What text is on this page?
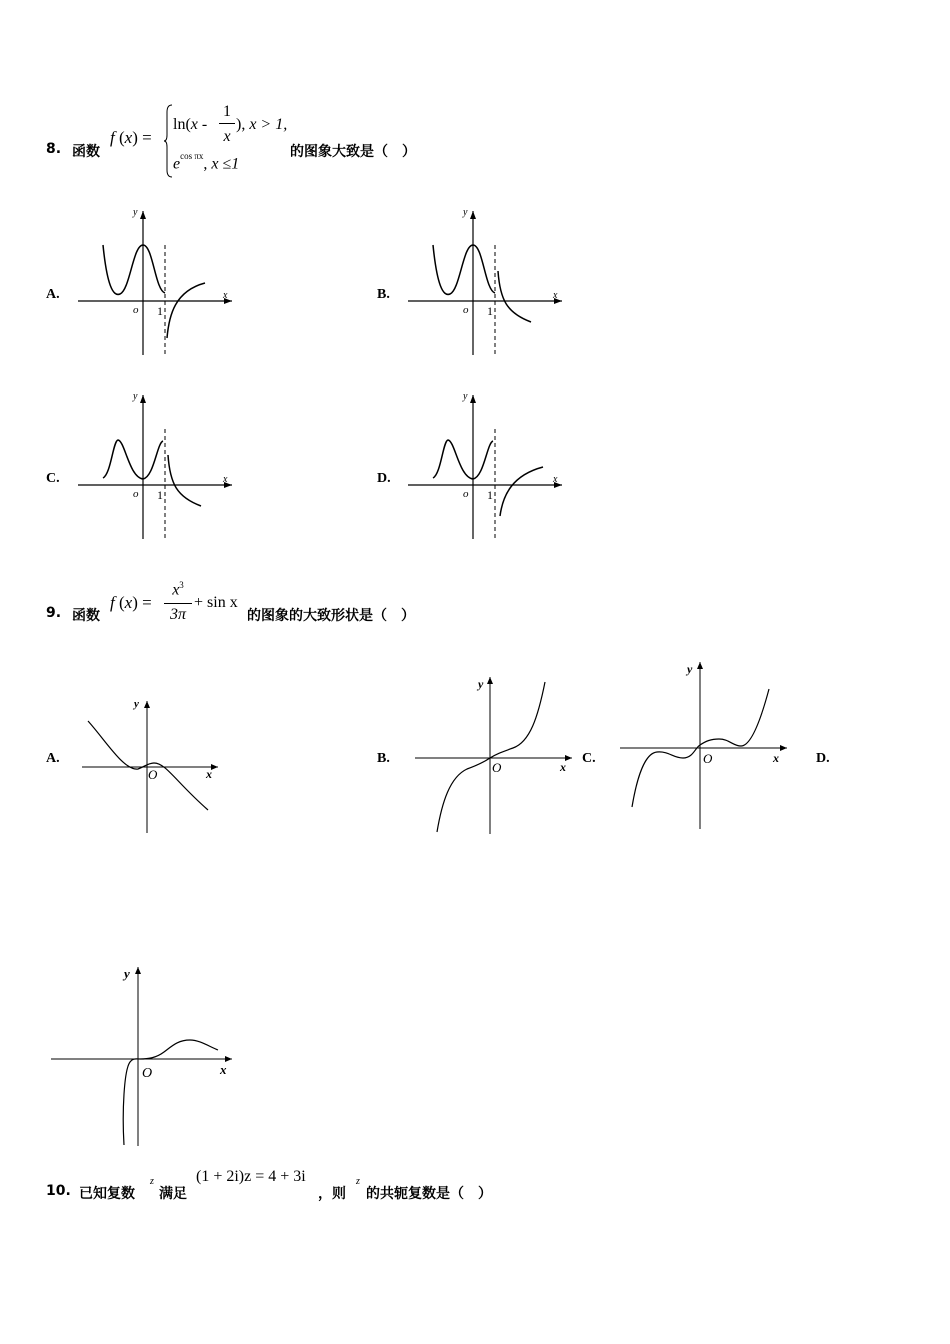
8. 函数
f (x) =
ln(x -
1
x
), x > 1,
$e^{cos \pi x}$, x ≤1
的图象大致是（　）
A.
o 1
x
y
B.
o 1
x
y
C.
o 1
x
y
D.
o 1
x
y
9. 函数
f (x) =
$x^3$
3π
+ sin x
的图象的大致形状是（　）
A.
O	x
y
B.
O	x
y
C.	O	x
y
D.
O	x
y
10. 已知复数
z
满足
(1 + 2i)z = 4 + 3i
，则
z
的共轭复数是（　）
